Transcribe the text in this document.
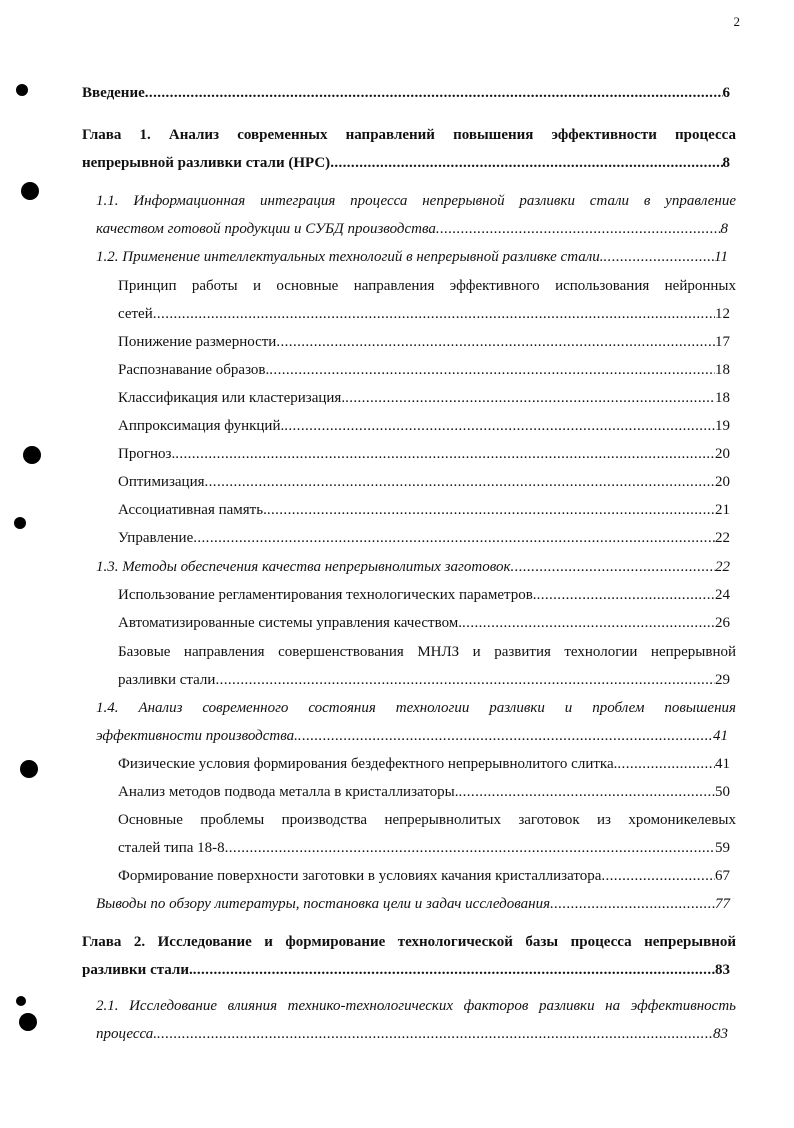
2
Введение .....	6
Глава 1. Анализ современных направлений повышения эффективности процесса
непрерывной разливки стали (НРС) .....	8
1.1. Информационная интеграция процесса непрерывной разливки стали в управление
качеством готовой продукции и СУБД производства .....	8
1.2. Применение интеллектуальных технологий в непрерывной разливке стали. .....	11
Принцип работы и основные направления эффективного использования нейронных
сетей .....	12
Понижение размерности .....	17
Распознавание образов. .....	18
Классификация или кластеризация. .....	18
Аппроксимация функций. .....	19
Прогноз. .....	20
Оптимизация .....	20
Ассоциативная память. .....	21
Управление .....	22
1.3. Методы обеспечения качества непрерывнолитых заготовок .....	22
Использование регламентирования технологических параметров. .....	24
Автоматизированные системы управления качеством. .....	26
Базовые направления совершенствования МНЛЗ и развития технологии непрерывной
разливки стали .....	29
1.4. Анализ современного состояния технологии разливки и проблем повышения
эффективности производства. .....	41
Физические условия формирования бездефектного непрерывнолитого слитка. .....	41
Анализ методов подвода металла в кристаллизаторы. .....	50
Основные проблемы производства непрерывнолитых заготовок из хромоникелевых
сталей типа 18-8 .....	59
Формирование поверхности заготовки в условиях качания кристаллизатора .....	67
Выводы по обзору литературы, постановка цели и задач исследования .....	77
Глава 2. Исследование и формирование технологической базы процесса непрерывной
разливки стали. .....	83
2.1. Исследование влияния технико-технологических факторов разливки на эффективность
процесса. .....	83
